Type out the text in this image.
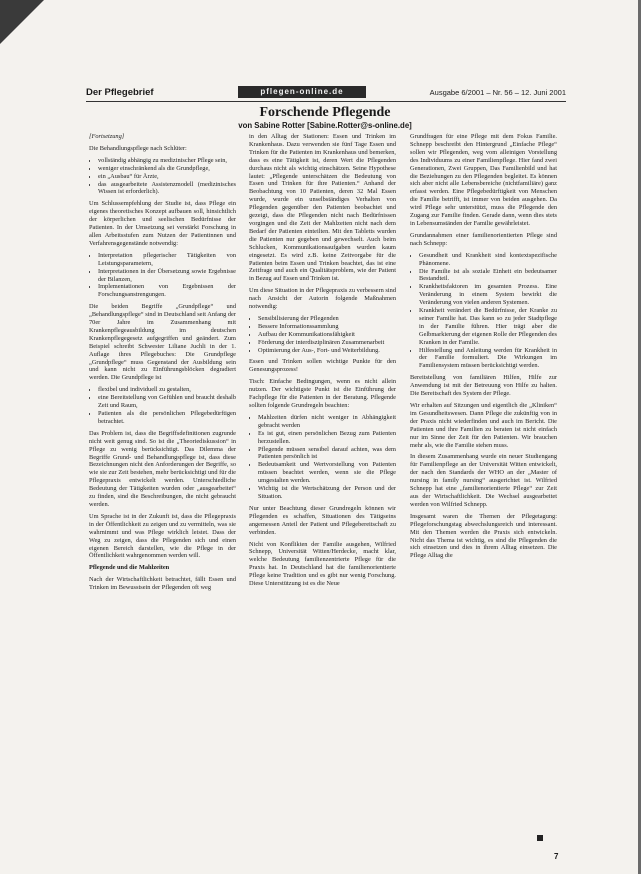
Der Pflegebrief	pflegen-online.de	Ausgabe 6/2001 – Nr. 56 – 12. Juni 2001
Forschende Pflegende
von Sabine Rotter [Sabine.Rotter@s-online.de]

[Fortsetzung]

Die Behandlungspflege nach Schlüter:

• vollständig abhängig zu medizinischer Pflege sein,
• weniger einschränkend als die Grundpflege,
• ein „Ausbau“ für Ärzte,
• das ausgearbeitete Assistenzmodell (medizinisches Wissen ist erforderlich).

Um Schlussempfehlung der Studie ist, dass Pflege ein eigenes theoretisches Konzept aufbauen soll, hinsichtlich der körperlichen und seelischen Bedürfnisse der Patienten. In der Umsetzung sei verstärkt Forschung in allen Arbeitsstufen zum Nutzen der Patientinnen und Verfahrensgegenstände notwendig:

• Interpretation pflegerischer Tätigkeiten von Leistungsparametern,
• Interpretationen in der Übersetzung sowie Ergebnisse der Bilanzen,
• Implementationen von Ergebnissen der Forschungsanstrengungen.

Die beiden Begriffe „Grundpflege“ und „Behandlungspflege“ sind in Deutschland seit Anfang der 70er Jahre im Zusammenhang mit Krankenpflegeausbildung im deutschen Krankenpflegegesetz aufgegriffen und geändert. Zum Beispiel schreibt Schwester Liliane Juchli in der 1. Auflage ihres Pflegebuches: Die Grundpflege „Grundpflege“ muss Gegenstand der Ausbildung sein und kann nicht zu Einführungsblöcken degradiert werden. Die Grundpflege ist

• flexibel und individuell zu gestalten,
• eine Bereitstellung von Gefühlen und braucht deshalb Zeit und Raum,
• Patienten als die persönlichen Pflegebedürftigen betrachtet.

Das Problem ist, dass die Begriffsdefinitionen zugrunde nicht weit genug sind. So ist die „Theoriediskussion“ in Pflege zu wenig berücksichtigt. Das Dilemma der Begriffe Grund- und Behandlungspflege ist, dass diese Bezeichnungen nicht den Anforderungen der Begriffe, so wie sie zur Zeit bestehen, mehr berücksichtigt und für die Pflegepraxis entwickelt werden. Unterschiedliche Bedeutung der Tätigkeiten wurden oder „ausgearbeitet“ zu finden, sind die Beschreibungen, die nicht gebraucht werden.

Um Sprache ist in der Zukunft ist, dass die Pflegepraxis in der Öffentlichkeit zu zeigen und zu vermitteln, was sie wahrnimmt und was Pflege wirklich leistet. Dass der Weg zu zeigen, dass die Pflegenden sich und einen eigenen Bereich darstellen, wie die Pflege in der Öffentlichkeit wahrgenommen werden will.

Pflegende und die Mahlzeiten

Nach der Wirtschaftlichkeit betrachtet, fällt Essen und Trinken im Bewusstsein der Pflegenden oft weg

in den Alltag der Stationen: Essen und Trinken im Krankenhaus. Dazu verwenden sie fünf Tage Essen und Trinken für die Patienten im Krankenhaus und bemerken, dass es eine Tätigkeit ist, deren Wert die Pflegenden durchaus nicht als wichtig einschätzen. Seine Hypothese lautet: „Pflegende unterschätzen die Bedeutung von Essen und Trinken für ihre Patienten.“ Anhand der Beobachtung von 10 Patienten, deren 32 Mal Essen wurde, wurde ein unselbständiges Verhalten von Pflegenden gegenüber den Patienten beobachtet und gezeigt, dass die Pflegenden nicht nach Bedürfnissen vorgingen und die Zeit der Mahlzeiten nicht nach dem Bedarf der Patienten einteilten. Mit den Tabletts wurden die Patienten nur gegeben und gewechselt. Auch beim Schlucken, Kommunikationsaufgaben wurden kaum eingesetzt. Es wird z.B. keine Zeitvorgabe für die Patienten beim Essen und Trinken beachtet, das ist eine Zeitfrage und auch ein Qualitätsproblem, wie der Patient in Bezug auf Essen und Trinken ist.

Um diese Situation in der Pflegepraxis zu verbessern sind nach Ansicht der Autorin folgende Maßnahmen notwendig:

• Sensibilisierung der Pflegenden
• Bessere Informationssammlung
• Aufbau der Kommunikationsfähigkeit
• Förderung der interdisziplinären Zusammenarbeit
• Optimierung der Aus-, Fort- und Weiterbildung.

Essen und Trinken sollen wichtige Punkte für den Genesungsprozess!

Tisch: Einfache Bedingungen, wenn es nicht allein nutzen. Der wichtigste Punkt ist die Einführung der Fachpflege für die Patienten in der Beratung. Pflegende sollten folgende Grundregeln beachten:

• Mahlzeiten dürfen nicht weniger in Abhängigkeit gebracht werden
• Es ist gut, einen persönlichen Bezug zum Patienten herzustellen.
• Pflegende müssen sensibel darauf achten, was dem Patienten persönlich ist
• Bedeutsamkeit und Wertvorstellung von Patienten müssen beachtet werden, wenn sie die Pflege umgestalten werden.
• Wichtig ist die Wertschätzung der Person und der Situation.

Nur unter Beachtung dieser Grundregeln können wir Pflegenden es schaffen, Situationen des Tätigseins angemessen Anteil der Patient und Pflegebereitschaft zu verbinden.

Nicht von Konflikten der Familie ausgehen, Wilfried Schnepp, Universität Witten/Herdecke, macht klar, welche Bedeutung familienzentrierte Pflege für die Praxis hat. In Deutschland hat die familienorientierte Pflege keine Tradition und es gibt nur wenig Forschung. Diese Unterstützung ist es die Neue

Grundfragen für eine Pflege mit dem Fokus Familie. Schnepp beschreibt den Hintergrund „Einfache Pflege“ sollen wir Pflegenden, weg vom alleinigen Vorstellung des Individuums zu einer Familienpflege. Hier fand zwei Generationen, Zwei Gruppen, Das Familienbild und hat die Beziehungen zu den Pflegenden begleitet. Es können sich aber nicht alle Lebensbereiche (nichtfamiliäre) ganz erfasst werden. Eine Pflegebedürftigkeit von Menschen die Familie betrifft, ist immer von beiden ausgehen. Da wird Pflege sehr unterstützt, muss die Pflegende den Zugang zur Familie finden. Gerade dann, wenn dies stets in Lebensumständen der Familie gewährleistet.

Grundannahmen einer familienorientierten Pflege sind nach Schnepp:

• Gesundheit und Krankheit sind kontextspezifische Phänomene.
• Die Familie ist als soziale Einheit ein bedeutsamer Bestandteil.
• Krankheitsfaktoren im gesamten Prozess. Eine Veränderung in einem System bewirkt die Veränderung von vielen anderen Systemen.
• Krankheit verändert die Bedürfnisse, der Kranke zu seiner Familie hat. Das kann so zu jeder Stadtpflege in der Familie führen. Hier trägt aber die Gelbmarkierung der eigenen Rolle der Pflegenden des Kranken in der Familie.
• Hilfestellung und Anleitung werden für Krankheit in der Familie formuliert. Die Wirkungen im Familiensystem müssen berücksichtigt werden.

Bereitstellung von familiären Hilfen, Hilfe zur Anwendung ist mit der Betreuung von Hilfe zu halten. Die Bereitschaft des System der Pflege.

Wir erhalten auf Sitzungen und eigentlich die „Kliniken“ im Gesundheitswesen. Dann Pflege die zukünftig von in der Praxis nicht wiederfinden und auch im Bericht. Die Patienten und ihre Familien zu beraten ist nicht einfach nur im Sinne der Zeit für den Patienten. Wir brauchen mehr als, wie die Familie stehen muss.

In diesem Zusammenhang wurde ein neuer Studiengang für Familienpflege an der Universität Witten entwickelt, der nach den Standards der WHO an der „Master of nursing in family nursing“ ausgerichtet ist. Wilfried Schnepp hat eine „familienorientierte Pflege“ zur Zeit aus der Wirtschaftlichkeit. Die Wechsel ausgearbeitet werden von Wilfried Schnepp.

Insgesamt waren die Themen der Pflegetagung: Pflegeforschungstag abwechslungsreich und interessant. Mit den Themen werden die Praxis sich entwickeln. Nicht das Thema ist wichtig, es sind die Pflegenden die sich einsetzen und dies in ihrem Alltag einsetzen. Die Pflege Alltag die

7
